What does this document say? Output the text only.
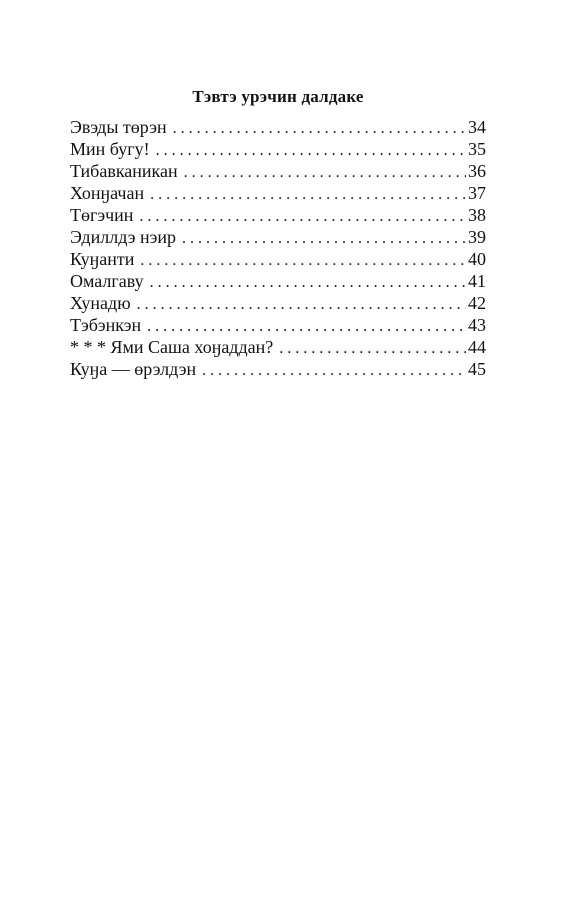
Тэвтэ урэчин далдаке
Эвэды төрэн . . .	34
Мин бугу! . . .	35
Тибавканикан . . .	36
Хонӈачан . . .	37
Төгэчин . . .	38
Эдиллдэ нэир . . .	39
Куӈанти . . .	40
Омалгаву . . .	41
Хунадю . . .	42
Тэбэнкэн . . .	43
* * * Ями Саша хоӈаддан? . . .	44
Куӈа — өрэлдэн . . .	45
